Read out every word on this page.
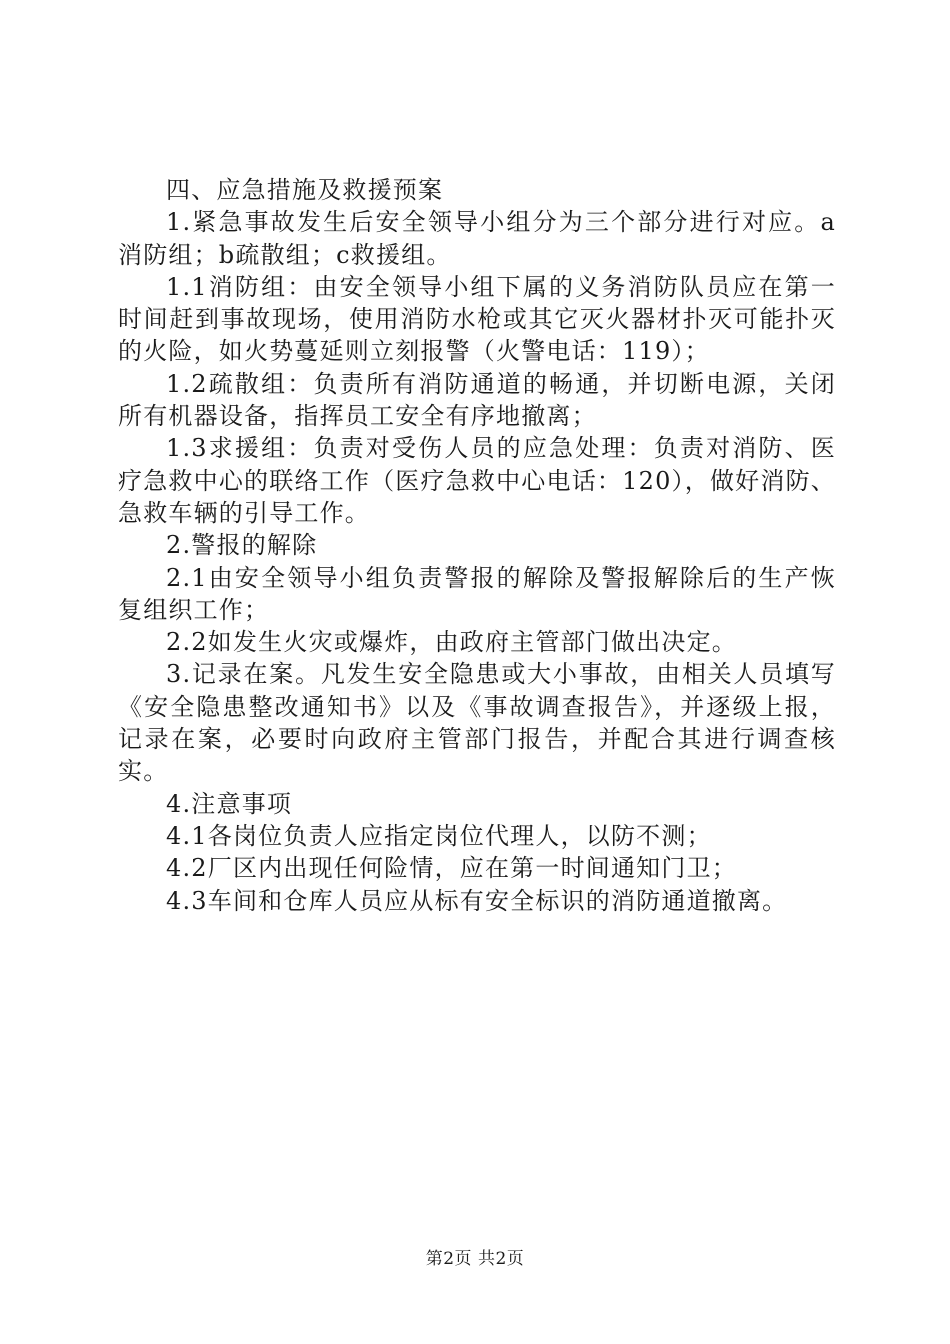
四、应急措施及救援预案

1.紧急事故发生后安全领导小组分为三个部分进行对应。a消防组；b疏散组；c救援组。

1.1消防组：由安全领导小组下属的义务消防队员应在第一时间赶到事故现场，使用消防水枪或其它灭火器材扑灭可能扑灭的火险，如火势蔓延则立刻报警（火警电话：119）；

1.2疏散组：负责所有消防通道的畅通，并切断电源，关闭所有机器设备，指挥员工安全有序地撤离；

1.3求援组：负责对受伤人员的应急处理：负责对消防、医疗急救中心的联络工作（医疗急救中心电话：120），做好消防、急救车辆的引导工作。

2.警报的解除

2.1由安全领导小组负责警报的解除及警报解除后的生产恢复组织工作；

2.2如发生火灾或爆炸，由政府主管部门做出决定。

3.记录在案。凡发生安全隐患或大小事故，由相关人员填写《安全隐患整改通知书》以及《事故调查报告》，并逐级上报，记录在案，必要时向政府主管部门报告，并配合其进行调查核实。

4.注意事项

4.1各岗位负责人应指定岗位代理人，以防不测；

4.2厂区内出现任何险情，应在第一时间通知门卫；

4.3车间和仓库人员应从标有安全标识的消防通道撤离。

第2页 共2页
